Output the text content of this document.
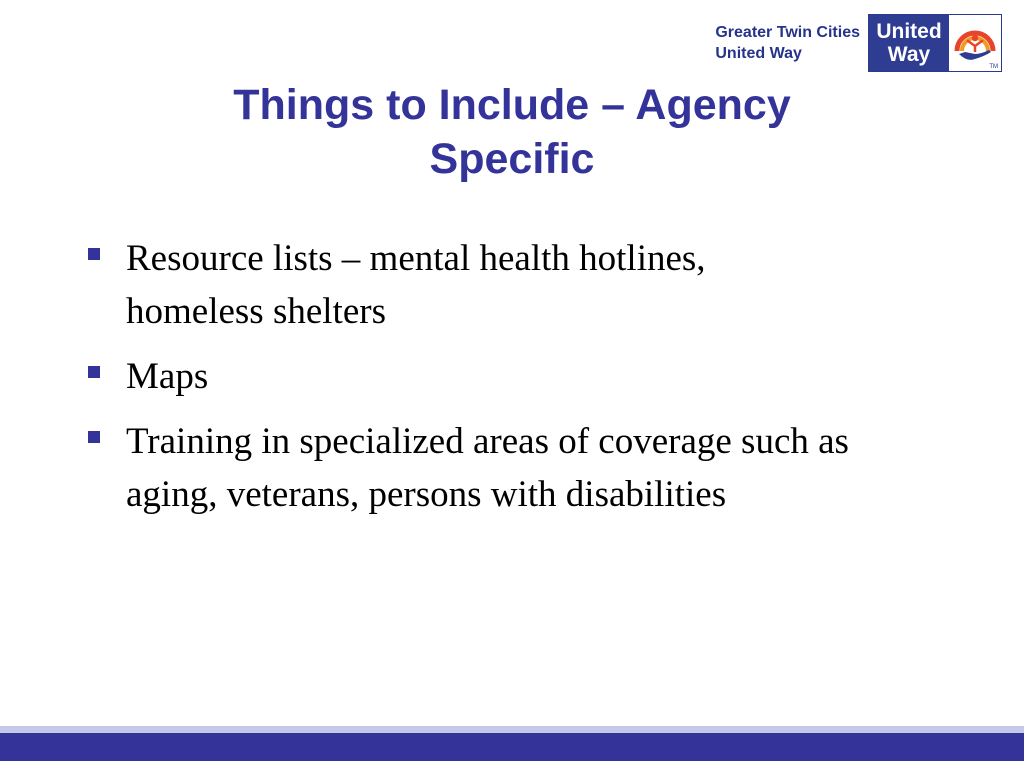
Greater Twin Cities
United Way
United
Way
TM
Things to Include – Agency
Specific
Resource lists – mental health hotlines, homeless shelters
Maps
Training in specialized areas of coverage such as aging, veterans, persons with disabilities
